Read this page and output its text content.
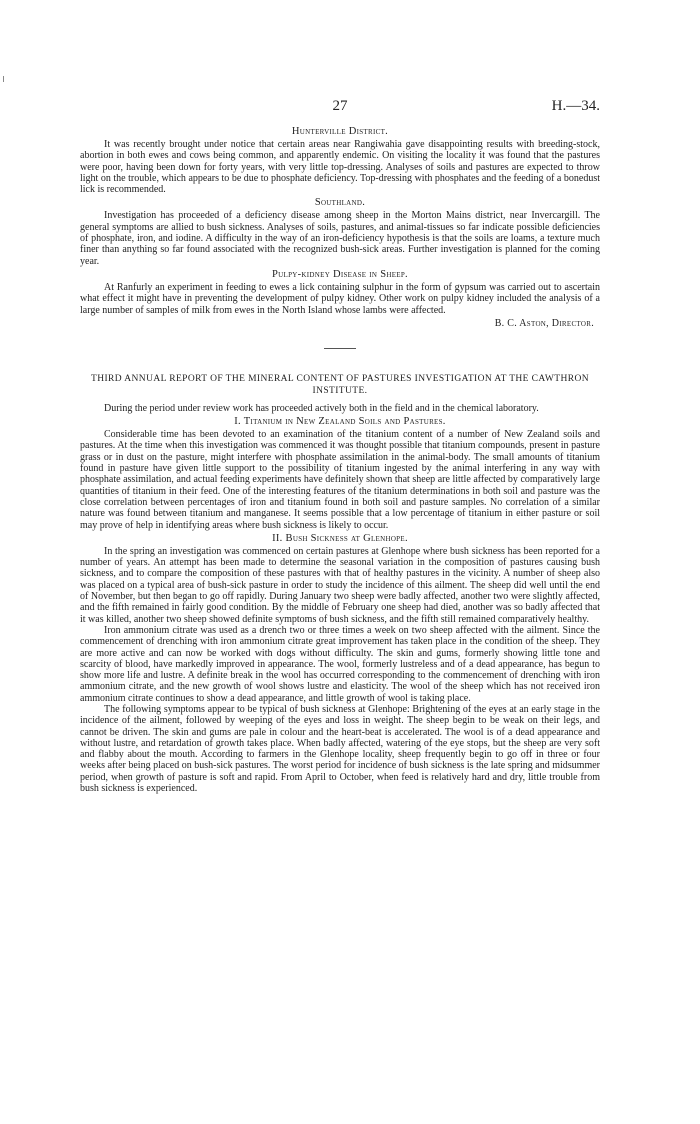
27	H.—34.
Hunterville District.

It was recently brought under notice that certain areas near Rangiwahia gave disappointing results with breeding-stock, abortion in both ewes and cows being common, and apparently endemic. On visiting the locality it was found that the pastures were poor, having been down for forty years, with very little top-dressing. Analyses of soils and pastures are expected to throw light on the trouble, which appears to be due to phosphate deficiency. Top-dressing with phosphates and the feeding of a bonedust lick is recommended.

Southland.

Investigation has proceeded of a deficiency disease among sheep in the Morton Mains district, near Invercargill. The general symptoms are allied to bush sickness. Analyses of soils, pastures, and animal-tissues so far indicate possible deficiencies of phosphate, iron, and iodine. A difficulty in the way of an iron-deficiency hypothesis is that the soils are loams, a texture much finer than anything so far found associated with the recognized bush-sick areas. Further investigation is planned for the coming year.

Pulpy-kidney Disease in Sheep.

At Ranfurly an experiment in feeding to ewes a lick containing sulphur in the form of gypsum was carried out to ascertain what effect it might have in preventing the development of pulpy kidney. Other work on pulpy kidney included the analysis of a large number of samples of milk from ewes in the North Island whose lambs were affected.

B. C. Aston, Director.
THIRD ANNUAL REPORT OF THE MINERAL CONTENT OF PASTURES INVESTIGATION AT THE CAWTHRON INSTITUTE.

During the period under review work has proceeded actively both in the field and in the chemical laboratory.

I. Titanium in New Zealand Soils and Pastures.

Considerable time has been devoted to an examination of the titanium content of a number of New Zealand soils and pastures. At the time when this investigation was commenced it was thought possible that titanium compounds, present in pasture grass or in dust on the pasture, might interfere with phosphate assimilation in the animal-body. The small amounts of titanium found in pasture have given little support to the possibility of titanium ingested by the animal interfering in any way with phosphate assimilation, and actual feeding experiments have definitely shown that sheep are little affected by comparatively large quantities of titanium in their feed. One of the interesting features of the titanium determinations in both soil and pasture was the close correlation between percentages of iron and titanium found in both soil and pasture samples. No correlation of a similar nature was found between titanium and manganese. It seems possible that a low percentage of titanium in either pasture or soil may prove of help in identifying areas where bush sickness is likely to occur.

II. Bush Sickness at Glenhope.

In the spring an investigation was commenced on certain pastures at Glenhope where bush sickness has been reported for a number of years. An attempt has been made to determine the seasonal variation in the composition of pastures causing bush sickness, and to compare the composition of these pastures with that of healthy pastures in the vicinity. A number of sheep also was placed on a typical area of bush-sick pasture in order to study the incidence of this ailment. The sheep did well until the end of November, but then began to go off rapidly. During January two sheep were badly affected, another two were slightly affected, and the fifth remained in fairly good condition. By the middle of February one sheep had died, another was so badly affected that it was killed, another two sheep showed definite symptoms of bush sickness, and the fifth still remained comparatively healthy.

Iron ammonium citrate was used as a drench two or three times a week on two sheep affected with the ailment. Since the commencement of drenching with iron ammonium citrate great improvement has taken place in the condition of the sheep. They are more active and can now be worked with dogs without difficulty. The skin and gums, formerly showing little tone and scarcity of blood, have markedly improved in appearance. The wool, formerly lustreless and of a dead appearance, has begun to show more life and lustre. A definite break in the wool has occurred corresponding to the commencement of drenching with iron ammonium citrate, and the new growth of wool shows lustre and elasticity. The wool of the sheep which has not received iron ammonium citrate continues to show a dead appearance, and little growth of wool is taking place.

The following symptoms appear to be typical of bush sickness at Glenhope: Brightening of the eyes at an early stage in the incidence of the ailment, followed by weeping of the eyes and loss in weight. The sheep begin to be weak on their legs, and cannot be driven. The skin and gums are pale in colour and the heart-beat is accelerated. The wool is of a dead appearance and without lustre, and retardation of growth takes place. When badly affected, watering of the eye stops, but the sheep are very soft and flabby about the mouth. According to farmers in the Glenhope locality, sheep frequently begin to go off in three or four weeks after being placed on bush-sick pastures. The worst period for incidence of bush sickness is the late spring and midsummer period, when growth of pasture is soft and rapid. From April to October, when feed is relatively hard and dry, little trouble from bush sickness is experienced.
